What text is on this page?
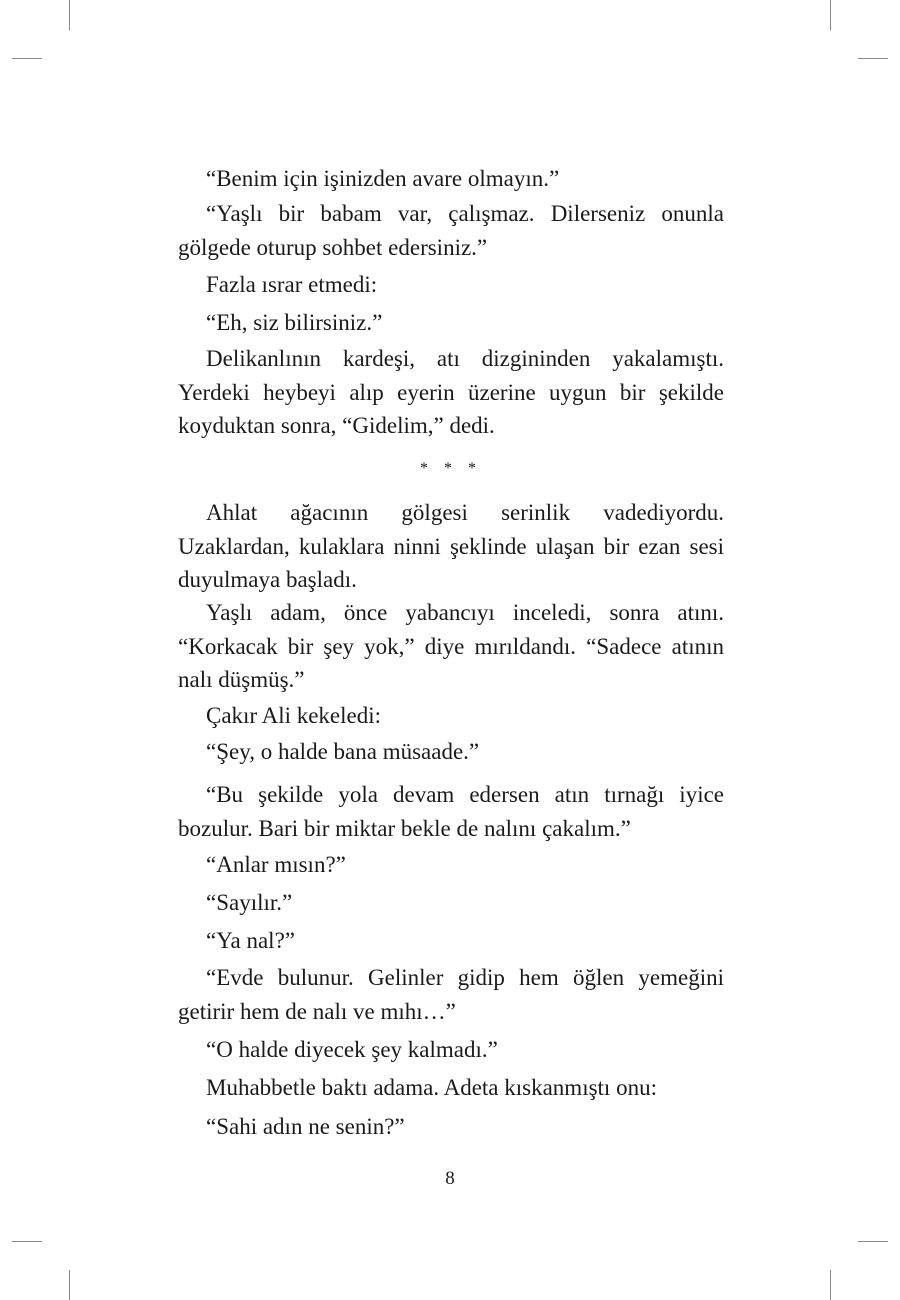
“Benim için işinizden avare olmayın.”

“Yaşlı bir babam var, çalışmaz. Dilerseniz onunla gölgede oturup sohbet edersiniz.”

Fazla ısrar etmedi:

“Eh, siz bilirsiniz.”

Delikanlının kardeşi, atı dizgininden yakalamıştı. Yerdeki heybeyi alıp eyerin üzerine uygun bir şekilde koyduktan sonra, “Gidelim,” dedi.

* * *

Ahlat ağacının gölgesi serinlik vadediyordu. Uzaklardan, kulaklara ninni şeklinde ulaşan bir ezan sesi duyulmaya başladı.

Yaşlı adam, önce yabancıyı inceledi, sonra atını. “Korkacak bir şey yok,” diye mırıldandı. “Sadece atının nalı düşmüş.”

Çakır Ali kekeledi:

“Şey, o halde bana müsaade.”

“Bu şekilde yola devam edersen atın tırnağı iyice bozulur. Bari bir miktar bekle de nalını çakalım.”

“Anlar mısın?”

“Sayılır.”

“Ya nal?”

“Evde bulunur. Gelinler gidip hem öğlen yemeğini getirir hem de nalı ve mıhı…”

“O halde diyecek şey kalmadı.”

Muhabbetle baktı adama. Adeta kıskanmıştı onu:

“Sahi adın ne senin?”

8
